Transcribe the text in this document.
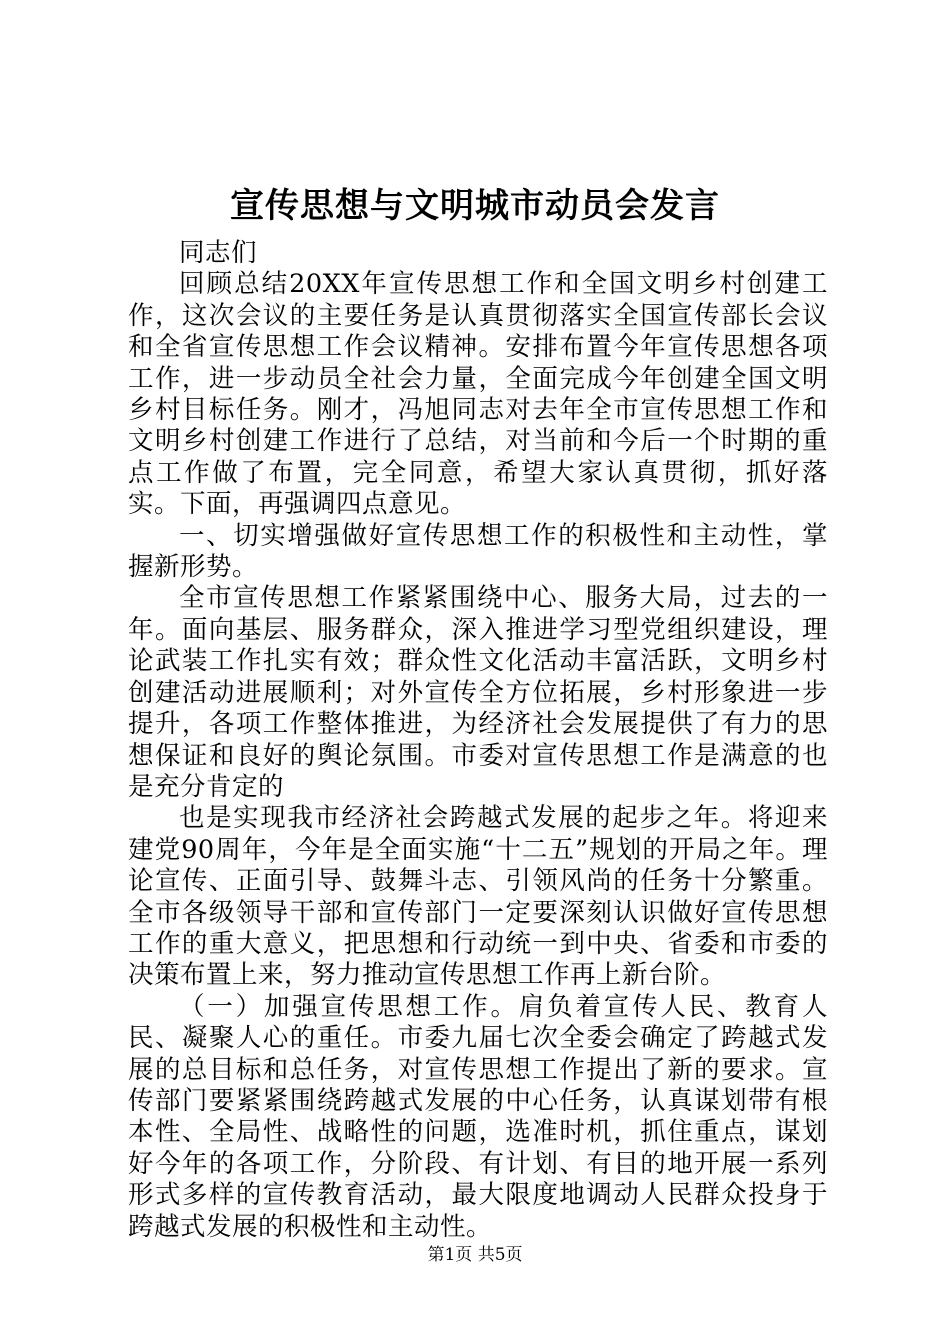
宣传思想与文明城市动员会发言

同志们

回顾总结20XX年宣传思想工作和全国文明乡村创建工作，这次会议的主要任务是认真贯彻落实全国宣传部长会议和全省宣传思想工作会议精神。安排布置今年宣传思想各项工作，进一步动员全社会力量，全面完成今年创建全国文明乡村目标任务。刚才，冯旭同志对去年全市宣传思想工作和文明乡村创建工作进行了总结，对当前和今后一个时期的重点工作做了布置，完全同意，希望大家认真贯彻，抓好落实。下面，再强调四点意见。

一、切实增强做好宣传思想工作的积极性和主动性，掌握新形势。

全市宣传思想工作紧紧围绕中心、服务大局，过去的一年。面向基层、服务群众，深入推进学习型党组织建设，理论武装工作扎实有效；群众性文化活动丰富活跃，文明乡村创建活动进展顺利；对外宣传全方位拓展，乡村形象进一步提升，各项工作整体推进，为经济社会发展提供了有力的思想保证和良好的舆论氛围。市委对宣传思想工作是满意的也是充分肯定的

也是实现我市经济社会跨越式发展的起步之年。将迎来建党90周年，今年是全面实施“十二五”规划的开局之年。理论宣传、正面引导、鼓舞斗志、引领风尚的任务十分繁重。全市各级领导干部和宣传部门一定要深刻认识做好宣传思想工作的重大意义，把思想和行动统一到中央、省委和市委的决策布置上来，努力推动宣传思想工作再上新台阶。

（一）加强宣传思想工作。肩负着宣传人民、教育人民、凝聚人心的重任。市委九届七次全委会确定了跨越式发展的总目标和总任务，对宣传思想工作提出了新的要求。宣传部门要紧紧围绕跨越式发展的中心任务，认真谋划带有根本性、全局性、战略性的问题，选准时机，抓住重点，谋划好今年的各项工作，分阶段、有计划、有目的地开展一系列形式多样的宣传教育活动，最大限度地调动人民群众投身于跨越式发展的积极性和主动性。

第1页 共5页
